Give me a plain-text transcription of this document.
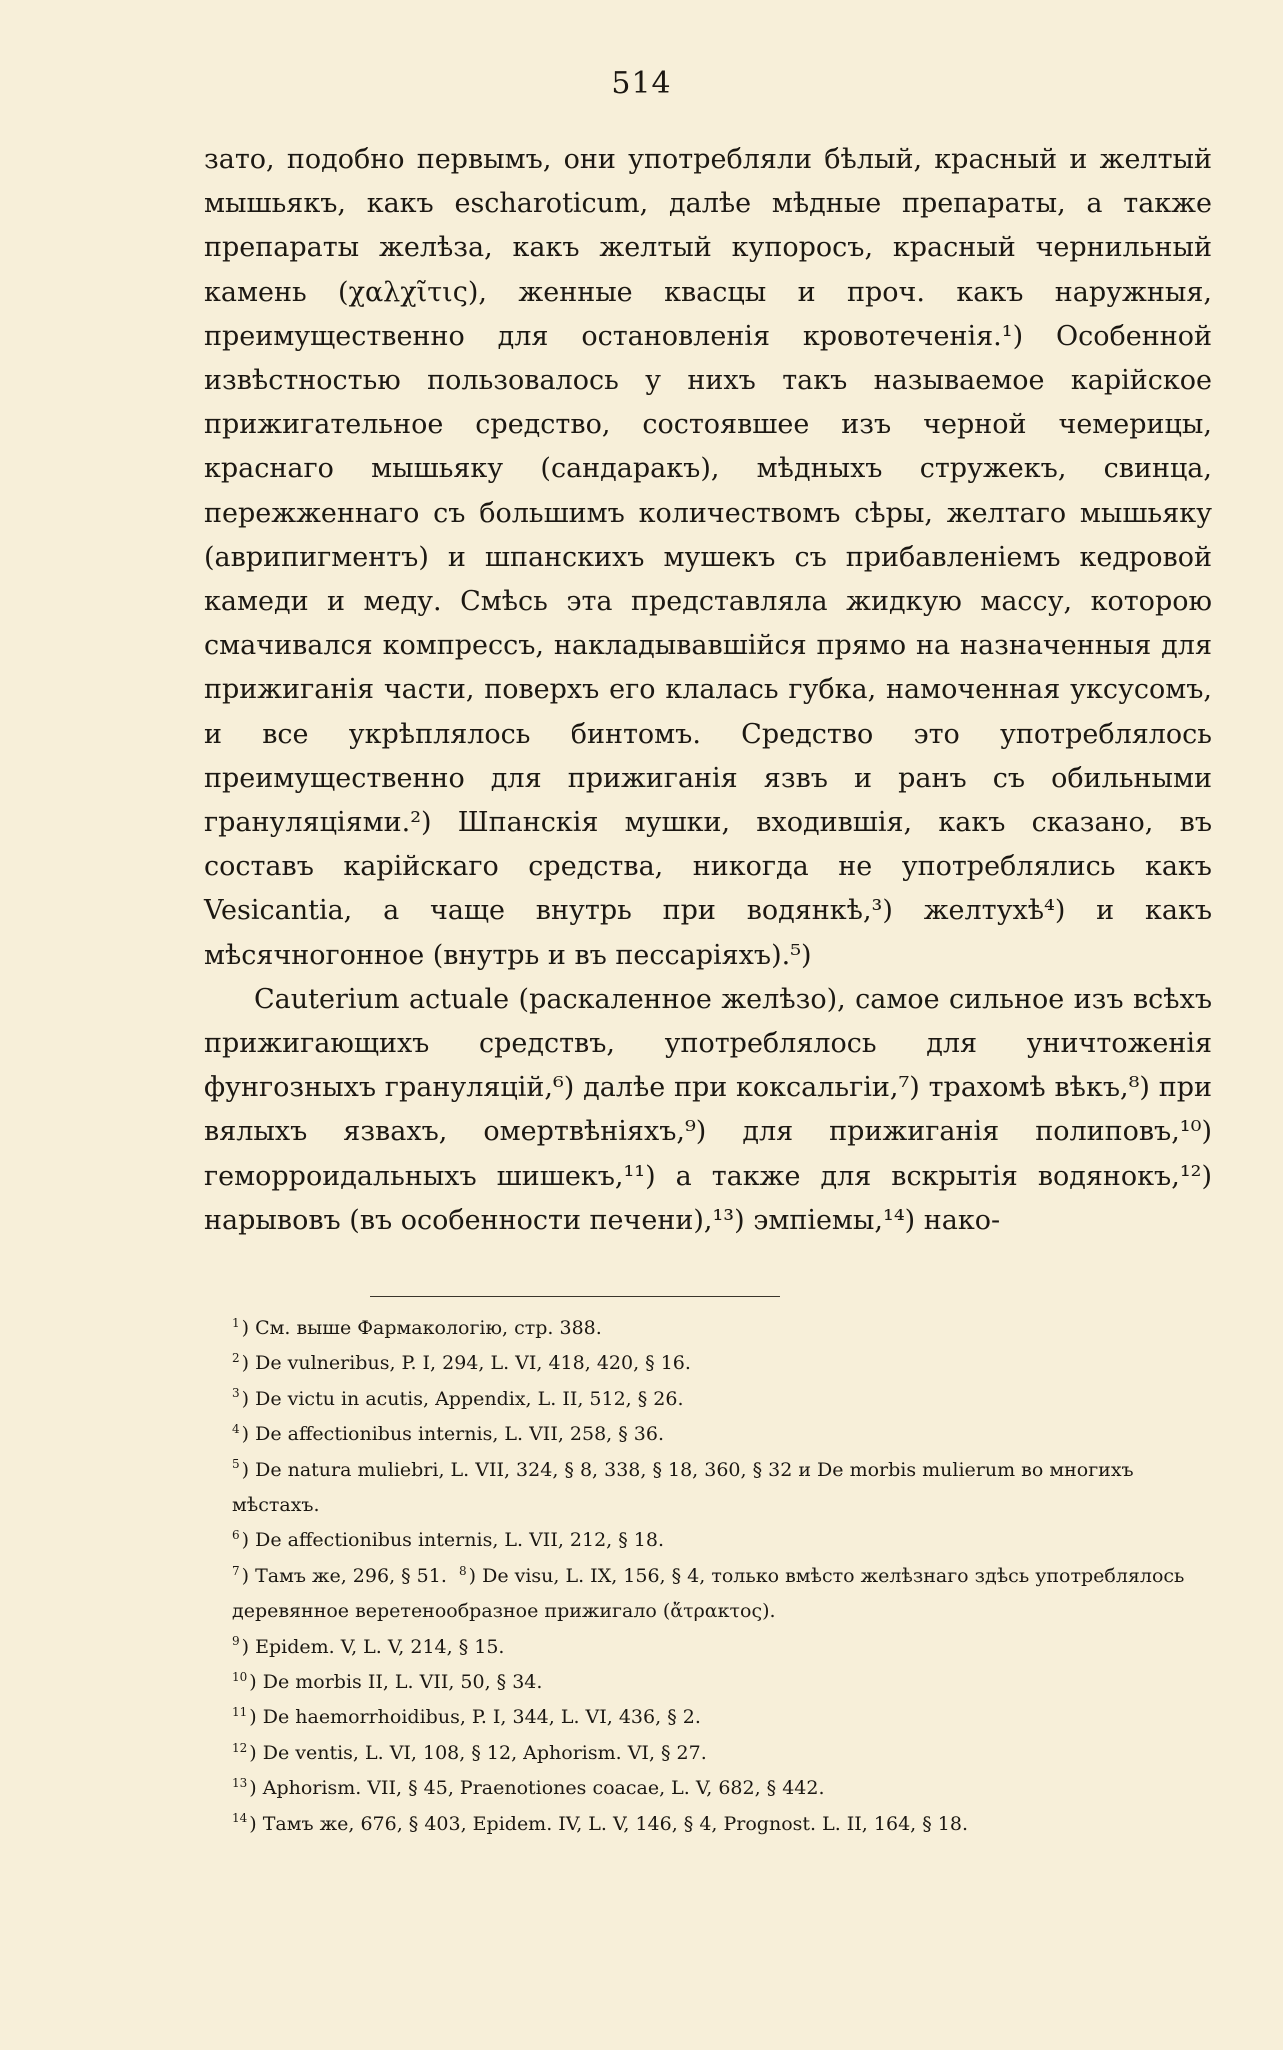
514

зато, подобно первымъ, они употребляли бѣлый, красный и желтый мышьякъ, какъ escharoticum, далѣе мѣдные препараты, а также препараты желѣза, какъ желтый купоросъ, красный чернильный камень (χαλχῖτις), женные квасцы и проч. какъ наружныя, преимущественно для остановленія кровотеченія.¹) Особенной извѣстностью пользовалось у нихъ такъ называемое карійское прижигательное средство, состоявшее изъ черной чемерицы, краснаго мышьяку (сандаракъ), мѣдныхъ стружекъ, свинца, пережженнаго съ большимъ количествомъ сѣры, желтаго мышьяку (аврипигментъ) и шпанскихъ мушекъ съ прибавленіемъ кедровой камеди и меду. Смѣсь эта представляла жидкую массу, которою смачивался компрессъ, накладывавшійся прямо на назначенныя для прижиганія части, поверхъ его клалась губка, намоченная уксусомъ, и все укрѣплялось бинтомъ. Средство это употреблялось преимущественно для прижиганія язвъ и ранъ съ обильными грануляціями.²) Шпанскія мушки, входившія, какъ сказано, въ составъ карійскаго средства, никогда не употреблялись какъ Vesicantia, а чаще внутрь при водянкѣ,³) желтухѣ⁴) и какъ мѣсячногонное (внутрь и въ пессаріяхъ).⁵)

Cauterium actuale (раскаленное желѣзо), самое сильное изъ всѣхъ прижигающихъ средствъ, употреблялось для уничтоженія фунгозныхъ грануляцій,⁶) далѣе при коксальгіи,⁷) трахомѣ вѣкъ,⁸) при вялыхъ язвахъ, омертвѣніяхъ,⁹) для прижиганія полиповъ,¹⁰) геморроидальныхъ шишекъ,¹¹) а также для вскрытія водянокъ,¹²) нарывовъ (въ особенности печени),¹³) эмпіемы,¹⁴) нако-

$^1$ ) См. выше Фармакологію, стр. 388.
$^2$ ) De vulneribus, P. I, 294, L. VI, 418, 420, § 16.
$^3$ ) De victu in acutis, Appendix, L. II, 512, § 26.
$^4$ ) De affectionibus internis, L. VII, 258, § 36.
$^5$ ) De natura muliebri, L. VII, 324, § 8, 338, § 18, 360, § 32 и De morbis mulierum во многихъ мѣстахъ.
$^6$ ) De affectionibus internis, L. VII, 212, § 18.
$^7$ ) Тамъ же, 296, § 51. $^8$ ) De visu, L. IX, 156, § 4, только вмѣсто желѣзнаго здѣсь употреблялось деревянное веретенообразное прижигало (ἄτρακτος).
$^9$ ) Epidem. V, L. V, 214, § 15.
$^{10}$ ) De morbis II, L. VII, 50, § 34.
$^{11}$ ) De haemorrhoidibus, P. I, 344, L. VI, 436, § 2.
$^{12}$ ) De ventis, L. VI, 108, § 12, Aphorism. VI, § 27.
$^{13}$ ) Aphorism. VII, § 45, Praenotiones coacae, L. V, 682, § 442.
$^{14}$ ) Тамъ же, 676, § 403, Epidem. IV, L. V, 146, § 4, Prognost. L. II, 164, § 18.
